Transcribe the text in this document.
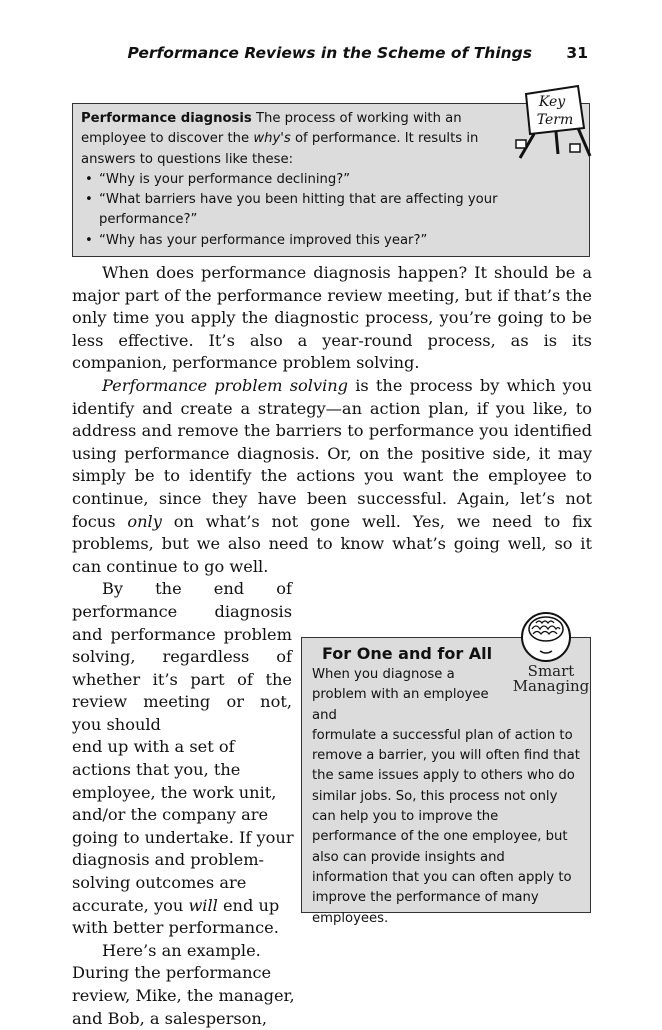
Performance Reviews in the Scheme of Things 31
Performance diagnosis The process of working with an employee to discover the why's of performance. It results in answers to questions like these:
• “Why is your performance declining?”
• “What barriers have you been hitting that are affecting your performance?”
• “Why has your performance improved this year?”
Key
Term

When does performance diagnosis happen? It should be a major part of the performance review meeting, but if that’s the only time you apply the diagnostic process, you’re going to be less effective. It’s also a year-round process, as is its companion, performance problem solving.

Performance problem solving is the process by which you identify and create a strategy—an action plan, if you like, to address and remove the barriers to performance you identified using performance diagnosis. Or, on the positive side, it may simply be to identify the actions you want the employee to continue, since they have been successful. Again, let’s not focus only on what’s not gone well. Yes, we need to fix problems, but we also need to know what’s going well, so it can continue to go well.

By the end of performance diagnosis and performance problem solving, regardless of whether it’s part of the review meeting or not, you should

end up with a set of
actions that you, the
employee, the work unit,
and/or the company are
going to undertake. If your
diagnosis and problem-
solving outcomes are
accurate, you will end up
with better performance.
Here’s an example.
During the performance
review, Mike, the manager,
and Bob, a salesperson,
For One and for All
When you diagnose a problem with an employee and
formulate a successful plan of action to remove a barrier, you will often find that the same issues apply to others who do similar jobs. So, this process not only can help you to improve the performance of the one employee, but also can provide insights and information that you can often apply to improve the performance of many employees.
Smart
Managing
